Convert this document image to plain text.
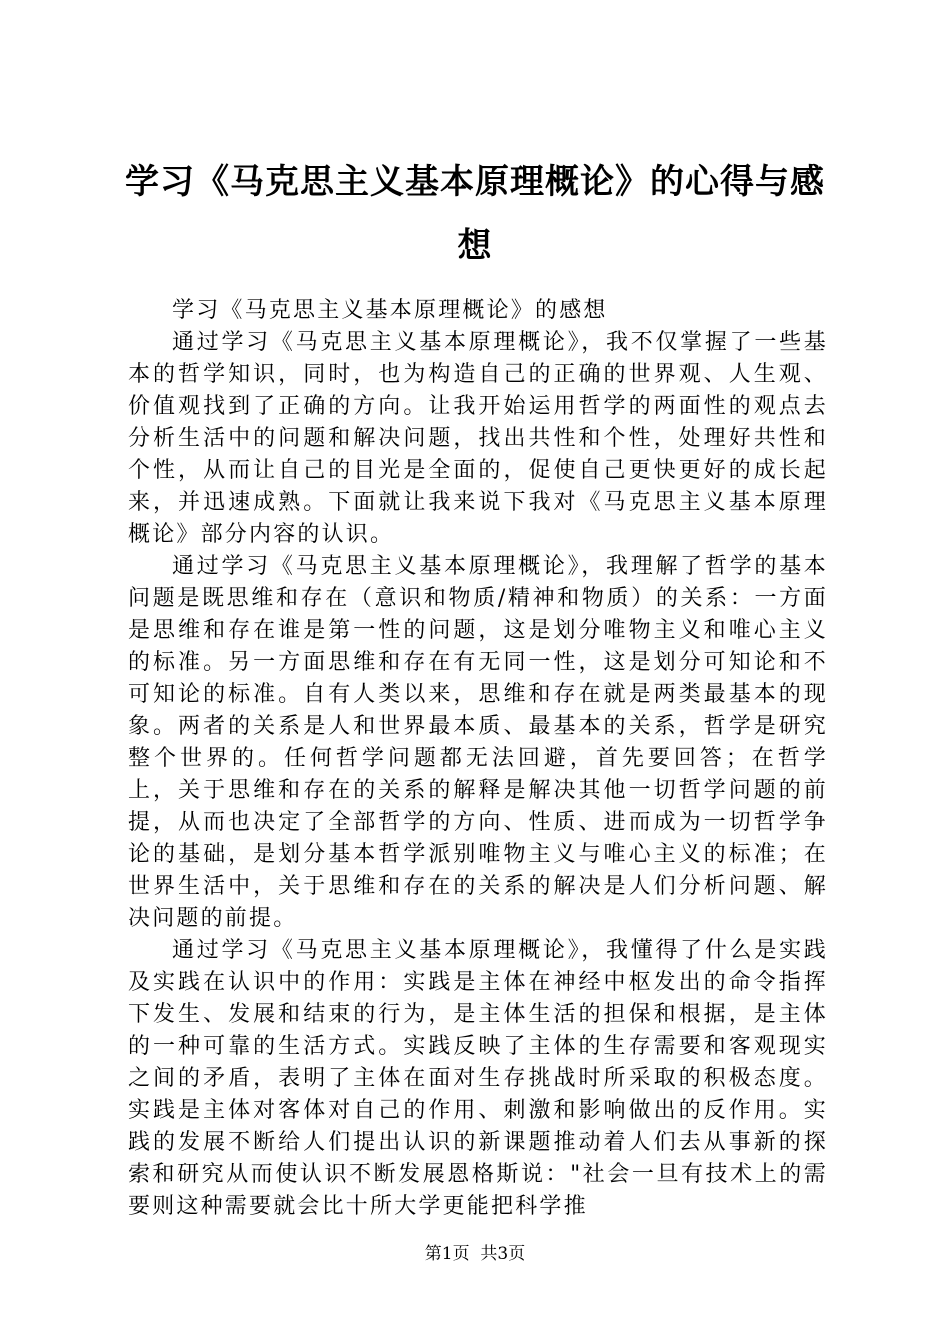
学习《马克思主义基本原理概论》的心得与感想

学习《马克思主义基本原理概论》的感想

通过学习《马克思主义基本原理概论》，我不仅掌握了一些基本的哲学知识，同时，也为构造自己的正确的世界观、人生观、价值观找到了正确的方向。让我开始运用哲学的两面性的观点去分析生活中的问题和解决问题，找出共性和个性，处理好共性和个性，从而让自己的目光是全面的，促使自己更快更好的成长起来，并迅速成熟。下面就让我来说下我对《马克思主义基本原理概论》部分内容的认识。

通过学习《马克思主义基本原理概论》，我理解了哲学的基本问题是既思维和存在（意识和物质/精神和物质）的关系：一方面是思维和存在谁是第一性的问题，这是划分唯物主义和唯心主义的标准。另一方面思维和存在有无同一性，这是划分可知论和不可知论的标准。自有人类以来，思维和存在就是两类最基本的现象。两者的关系是人和世界最本质、最基本的关系，哲学是研究整个世界的。任何哲学问题都无法回避，首先要回答；在哲学上，关于思维和存在的关系的解释是解决其他一切哲学问题的前提，从而也决定了全部哲学的方向、性质、进而成为一切哲学争论的基础，是划分基本哲学派别唯物主义与唯心主义的标准；在世界生活中，关于思维和存在的关系的解决是人们分析问题、解决问题的前提。

通过学习《马克思主义基本原理概论》，我懂得了什么是实践及实践在认识中的作用：实践是主体在神经中枢发出的命令指挥下发生、发展和结束的行为，是主体生活的担保和根据，是主体的一种可靠的生活方式。实践反映了主体的生存需要和客观现实之间的矛盾，表明了主体在面对生存挑战时所采取的积极态度。实践是主体对客体对自己的作用、刺激和影响做出的反作用。实践的发展不断给人们提出认识的新课题推动着人们去从事新的探索和研究从而使认识不断发展恩格斯说："社会一旦有技术上的需要则这种需要就会比十所大学更能把科学推

第1页 共3页
